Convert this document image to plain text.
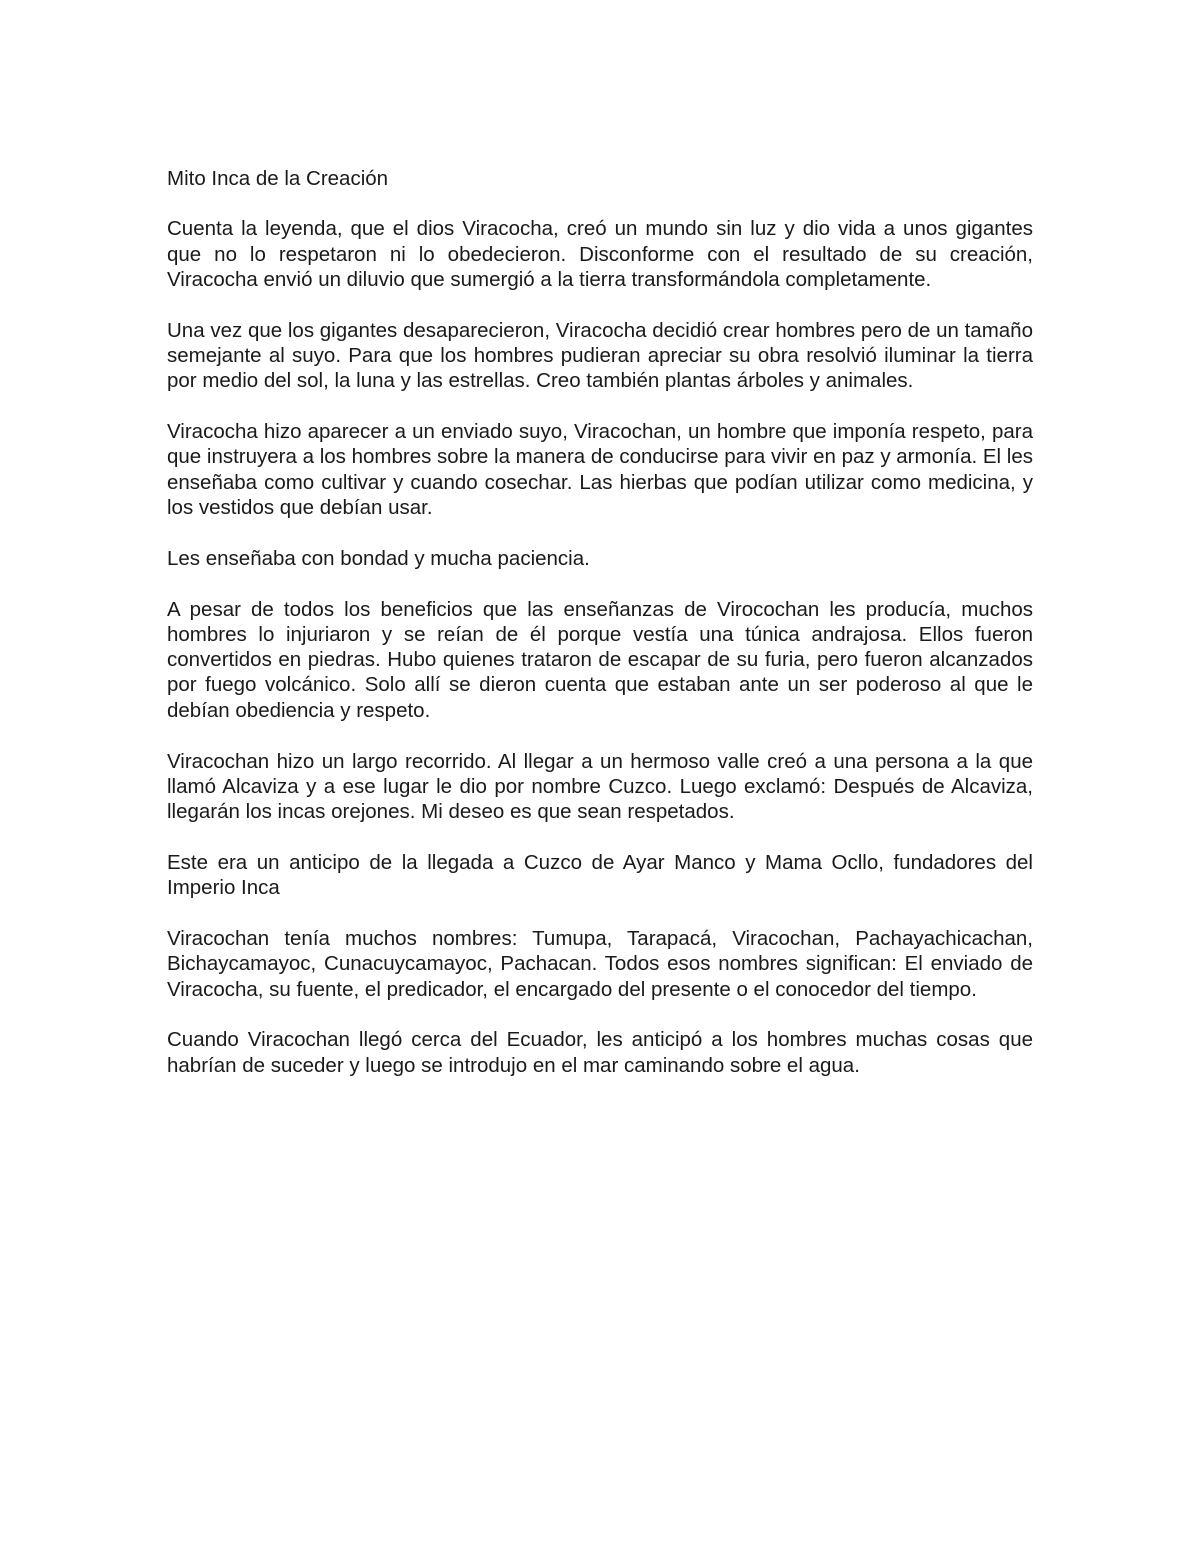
Mito Inca de la Creación

Cuenta la leyenda, que el dios Viracocha, creó un mundo sin luz y dio vida a unos gigantes que no lo respetaron ni lo obedecieron. Disconforme con el resultado de su creación, Viracocha envió un diluvio que sumergió a la tierra transformándola completamente.

Una vez que los gigantes desaparecieron, Viracocha decidió crear hombres pero de un tamaño semejante al suyo. Para que los hombres pudieran apreciar su obra resolvió iluminar la tierra por medio del sol, la luna y las estrellas. Creo también plantas árboles y animales.

Viracocha hizo aparecer a un enviado suyo, Viracochan, un hombre que imponía respeto, para que instruyera a los hombres sobre la manera de conducirse para vivir en paz y armonía. El les enseñaba como cultivar y cuando cosechar. Las hierbas que podían utilizar como medicina, y los vestidos que debían usar.

Les enseñaba con bondad y mucha paciencia.

A pesar de todos los beneficios que las enseñanzas de Virocochan les producía, muchos hombres lo injuriaron y se reían de él porque vestía una túnica andrajosa. Ellos fueron convertidos en piedras. Hubo quienes trataron de escapar de su furia, pero fueron alcanzados por fuego volcánico. Solo allí se dieron cuenta que estaban ante un ser poderoso al que le debían obediencia y respeto.

Viracochan hizo un largo recorrido. Al llegar a un hermoso valle creó a una persona a la que llamó Alcaviza y a ese lugar le dio por nombre Cuzco. Luego exclamó: Después de Alcaviza, llegarán los incas orejones. Mi deseo es que sean respetados.

Este era un anticipo de la llegada a Cuzco de Ayar Manco y Mama Ocllo, fundadores del Imperio Inca

Viracochan tenía muchos nombres: Tumupa, Tarapacá, Viracochan, Pachayachicachan, Bichaycamayoc, Cunacuycamayoc, Pachacan. Todos esos nombres significan: El enviado de Viracocha, su fuente, el predicador, el encargado del presente o el conocedor del tiempo.

Cuando Viracochan llegó cerca del Ecuador, les anticipó a los hombres muchas cosas que habrían de suceder y luego se introdujo en el mar caminando sobre el agua.
